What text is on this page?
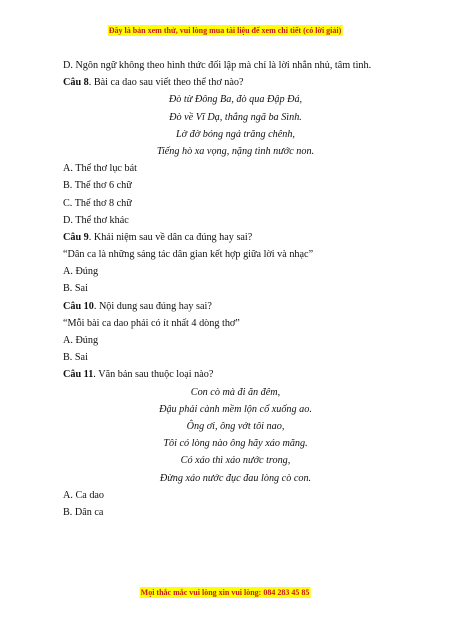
Đây là bản xem thử, vui lòng mua tài liệu để xem chi tiết (có lời giải)
D. Ngôn ngữ không theo hình thức đối lập mà chỉ là lời nhắn nhủ, tâm tình.
Câu 8. Bài ca dao sau viết theo thể thơ nào?
Đò từ Đông Ba, đò qua Đập Đá,
Đò về Vĩ Dạ, thẳng ngã ba Sình.
Lờ đờ bóng ngả trăng chênh,
Tiếng hò xa vọng, nặng tình nước non.
A. Thể thơ lục bát
B. Thể thơ 6 chữ
C. Thể thơ 8 chữ
D. Thể thơ khác
Câu 9. Khái niệm sau về dân ca đúng hay sai?
“Dân ca là những sáng tác dân gian kết hợp giữa lời và nhạc”
A. Đúng
B. Sai
Câu 10. Nội dung sau đúng hay sai?
“Mỗi bài ca dao phải có ít nhất 4 dòng thơ”
A. Đúng
B. Sai
Câu 11. Văn bản sau thuộc loại nào?
Con cò mà đi ăn đêm,
Đậu phải cành mềm lộn cổ xuống ao.
Ông ơi, ông vớt tôi nao,
Tôi có lòng nào ông hãy xáo măng.
Có xáo thì xáo nước trong,
Đừng xáo nước đục đau lòng cò con.
A. Ca dao
B. Dân ca
Mọi thắc mắc vui lòng xin vui lòng: 084 283 45 85
